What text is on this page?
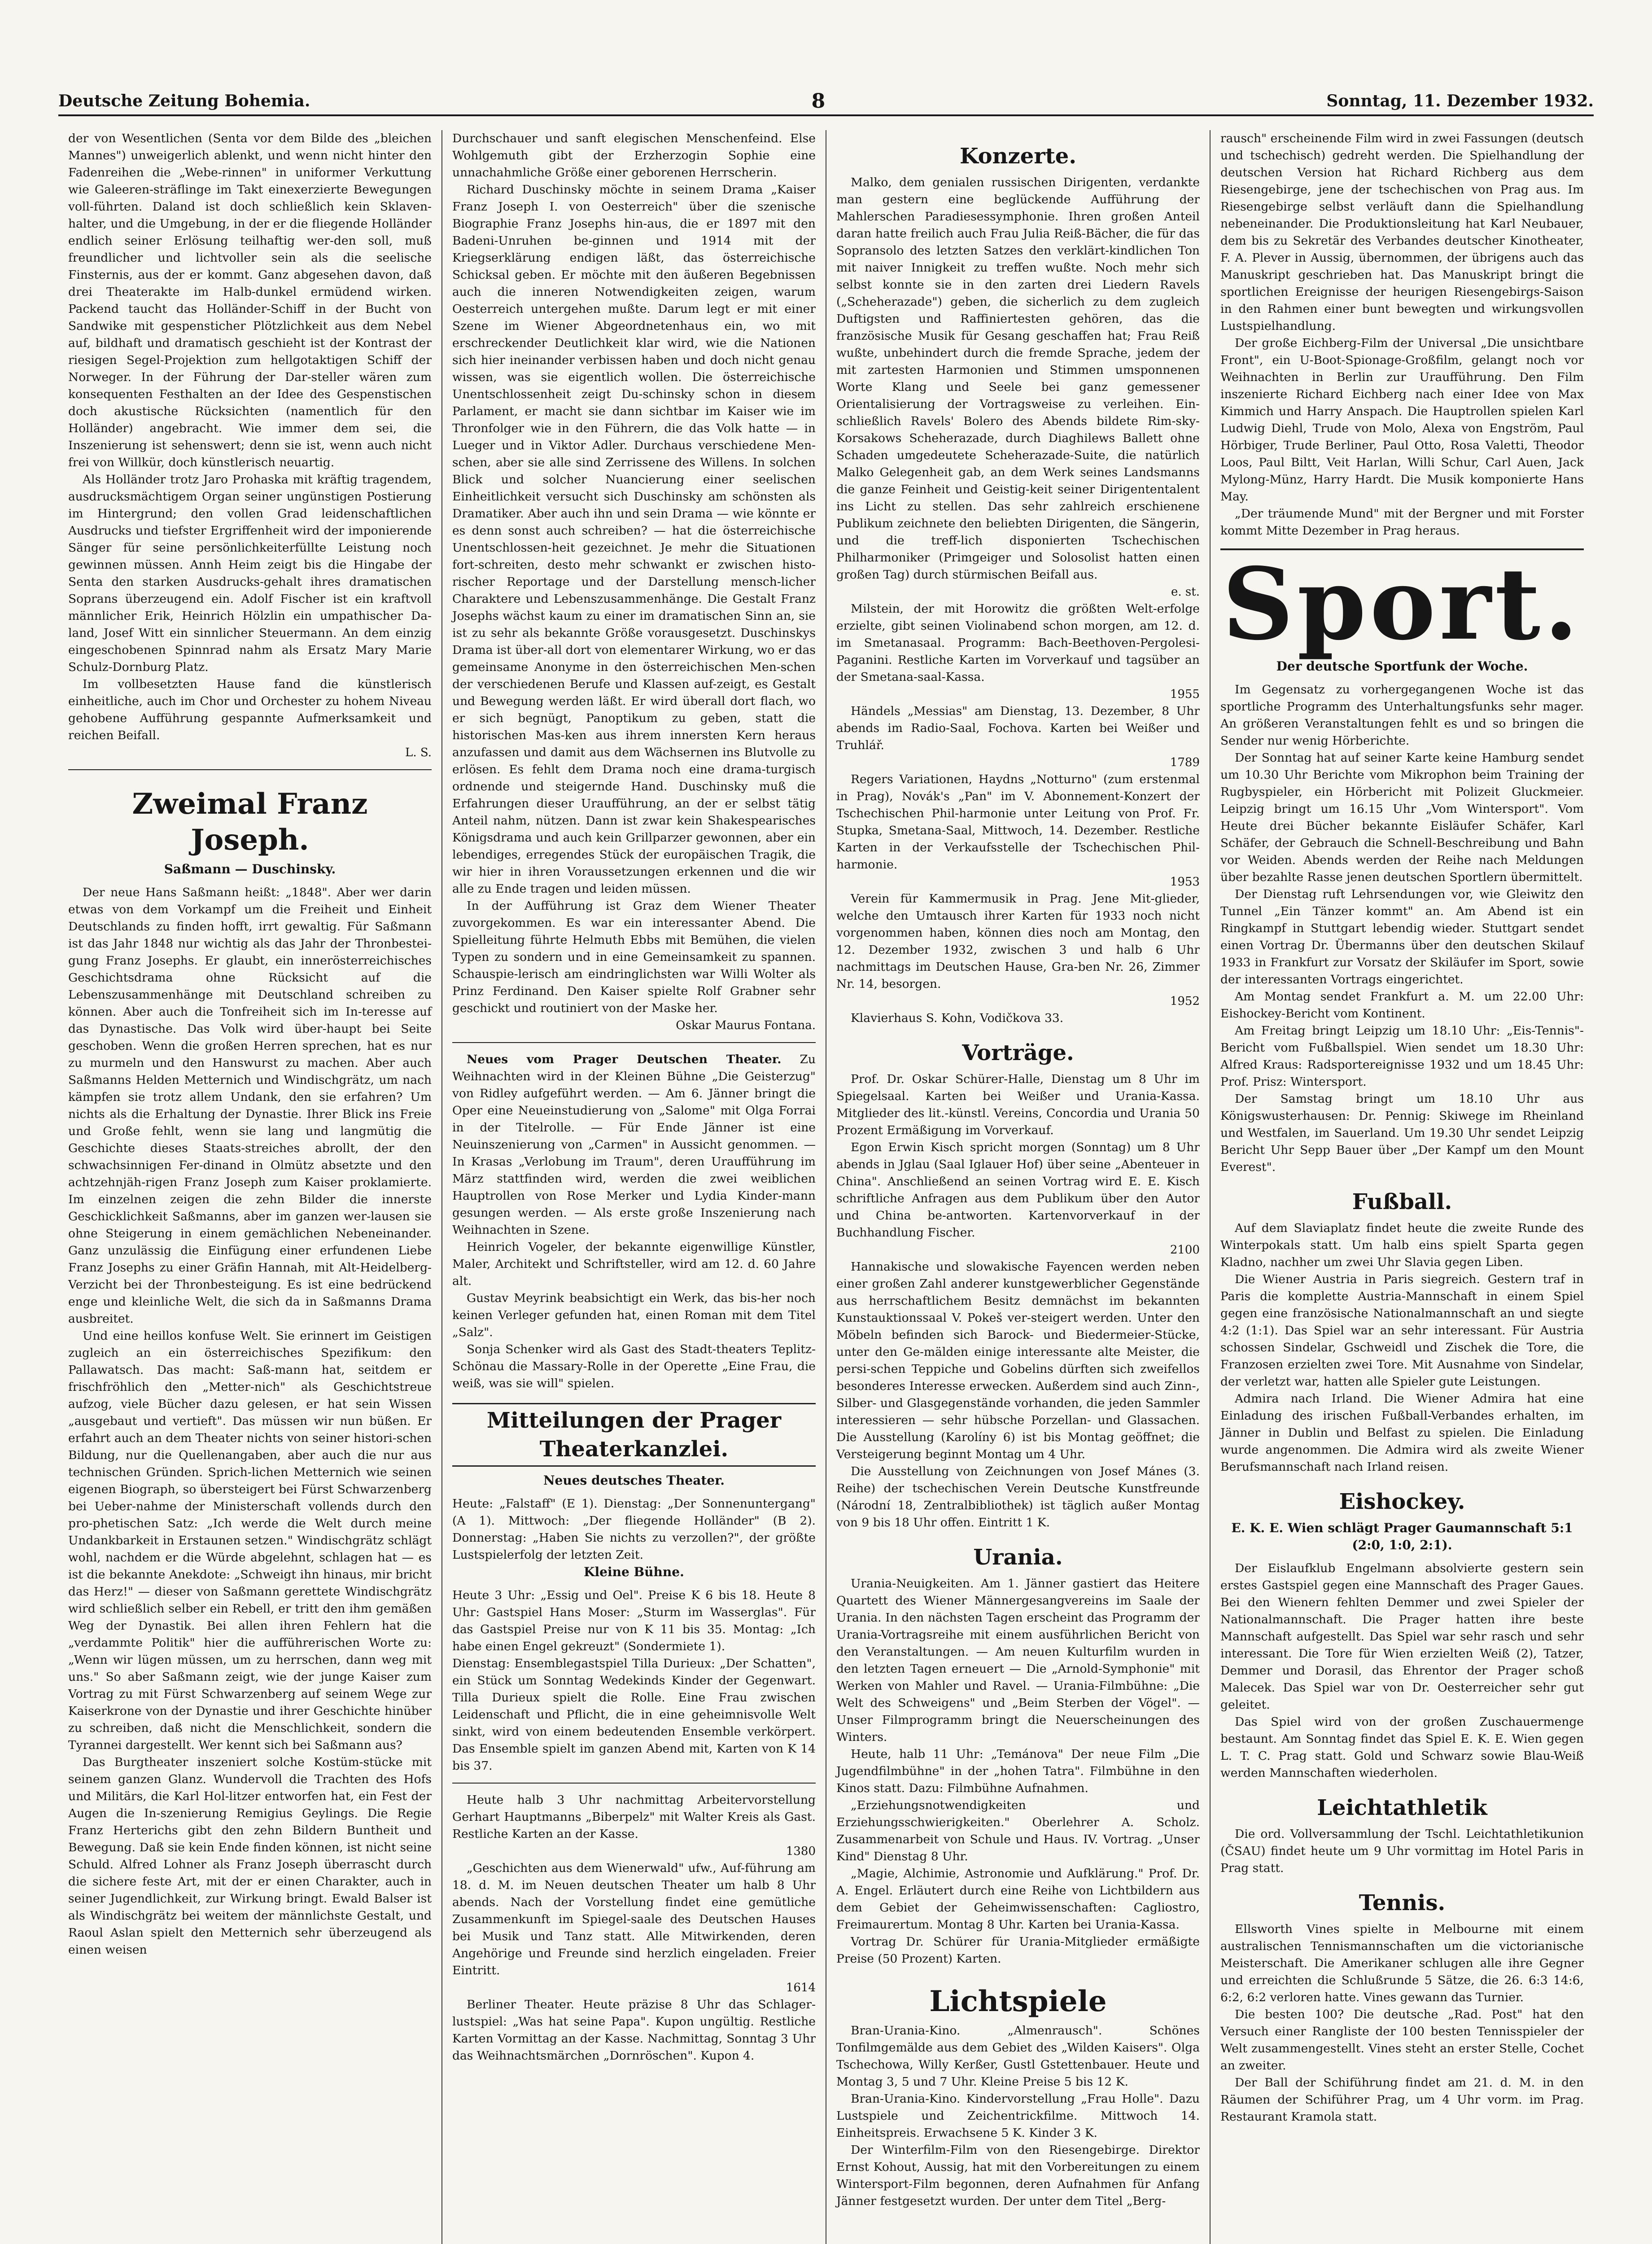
Deutsche Zeitung Bohemia.	8	Sonntag, 11. Dezember 1932.

der von Wesentlichen (Senta vor dem Bilde des „bleichen Mannes") unweigerlich ablenkt, und wenn nicht hinter den Fadenreihen die „Webe-rinnen" in uniformer Verkuttung wie Galeeren-sträflinge im Takt einexerzierte Bewegungen voll-führten. Daland ist doch schließlich kein Sklaven-halter, und die Umgebung, in der er die fliegende Holländer endlich seiner Erlösung teilhaftig wer-den soll, muß freundlicher und lichtvoller sein als die seelische Finsternis, aus der er kommt. Ganz abgesehen davon, daß drei Theaterakte im Halb-dunkel ermüdend wirken. Packend taucht das Holländer-Schiff in der Bucht von Sandwike mit gespensticher Plötzlichkeit aus dem Nebel auf, bildhaft und dramatisch geschieht ist der Kontrast der riesigen Segel-Projektion zum hellgotaktigen Schiff der Norweger. In der Führung der Dar-steller wären zum konsequenten Festhalten an der Idee des Gespenstischen doch akustische Rücksichten (namentlich für den Holländer) angebracht. Wie immer dem sei, die Inszenierung ist sehenswert; denn sie ist, wenn auch nicht frei von Willkür, doch künstlerisch neuartig.

Als Holländer trotz Jaro Prohaska mit kräftig tragendem, ausdrucksmächtigem Organ seiner ungünstigen Postierung im Hintergrund; den vollen Grad leidenschaftlichen Ausdrucks und tiefster Ergriffenheit wird der imponierende Sänger für seine persönlichkeiterfüllte Leistung noch gewinnen müssen. Annh Heim zeigt bis die Hingabe der Senta den starken Ausdrucks-gehalt ihres dramatischen Soprans überzeugend ein. Adolf Fischer ist ein kraftvoll männlicher Erik, Heinrich Hölzlin ein umpathischer Da-land, Josef Witt ein sinnlicher Steuermann. An dem einzig eingeschobenen Spinnrad nahm als Ersatz Mary Marie Schulz-Dornburg Platz.

Im vollbesetzten Hause fand die künstlerisch einheitliche, auch im Chor und Orchester zu hohem Niveau gehobene Aufführung gespannte Aufmerksamkeit und reichen Beifall.

L. S.
Zweimal Franz Joseph.
Saßmann — Duschinsky.

Der neue Hans Saßmann heißt: „1848". Aber wer darin etwas von dem Vorkampf um die Freiheit und Einheit Deutschlands zu finden hofft, irrt gewaltig. Für Saßmann ist das Jahr 1848 nur wichtig als das Jahr der Thronbestei-gung Franz Josephs. Er glaubt, ein innerösterreichisches Geschichtsdrama ohne Rücksicht auf die Lebenszusammenhänge mit Deutschland schreiben zu können. Aber auch die Tonfreiheit sich im In-teresse auf das Dynastische. Das Volk wird über-haupt bei Seite geschoben. Wenn die großen Herren sprechen, hat es nur zu murmeln und den Hanswurst zu machen. Aber auch Saßmanns Helden Metternich und Windischgrätz, um nach kämpfen sie trotz allem Undank, den sie erfahren? Um nichts als die Erhaltung der Dynastie. Ihrer Blick ins Freie und Große fehlt, wenn sie lang und langmütig die Geschichte dieses Staats-streiches abrollt, der den schwachsinnigen Fer-dinand in Olmütz absetzte und den achtzehnjäh-rigen Franz Joseph zum Kaiser proklamierte. Im einzelnen zeigen die zehn Bilder die innerste Geschicklichkeit Saßmanns, aber im ganzen wer-lausen sie ohne Steigerung in einem gemächlichen Nebeneinander. Ganz unzulässig die Einfügung einer erfundenen Liebe Franz Josephs zu einer Gräfin Hannah, mit Alt-Heidelberg-Verzicht bei der Thronbesteigung. Es ist eine bedrückend enge und kleinliche Welt, die sich da in Saßmanns Drama ausbreitet.

Und eine heillos konfuse Welt. Sie erinnert im Geistigen zugleich an ein österreichisches Spezifikum: den Pallawatsch. Das macht: Saß-mann hat, seitdem er frischfröhlich den „Metter-nich" als Geschichtstreue aufzog, viele Bücher dazu gelesen, er hat sein Wissen „ausgebaut und vertieft". Das müssen wir nun büßen. Er erfahrt auch an dem Theater nichts von seiner histori-schen Bildung, nur die Quellenangaben, aber auch die nur aus technischen Gründen. Sprich-lichen Metternich wie seinen eigenen Biograph, so übersteigert bei Fürst Schwarzenberg bei Ueber-nahme der Ministerschaft vollends durch den pro-phetischen Satz: „Ich werde die Welt durch meine Undankbarkeit in Erstaunen setzen." Windischgrätz schlägt wohl, nachdem er die Würde abgelehnt, schlagen hat — es ist die bekannte Anekdote: „Schweigt ihn hinaus, mir bricht das Herz!" — dieser von Saßmann gerettete Windischgrätz wird schließlich selber ein Rebell, er tritt den ihm gemäßen Weg der Dynastik. Bei allen ihren Fehlern hat die „verdammte Politik" hier die aufführerischen Worte zu: „Wenn wir lügen müssen, um zu herrschen, dann weg mit uns." So aber Saßmann zeigt, wie der junge Kaiser zum Vortrag zu mit Fürst Schwarzenberg auf seinem Wege zur Kaiserkrone von der Dynastie und ihrer Geschichte hinüber zu schreiben, daß nicht die Menschlichkeit, sondern die Tyrannei dargestellt. Wer kennt sich bei Saßmann aus?

Das Burgtheater inszeniert solche Kostüm-stücke mit seinem ganzen Glanz. Wundervoll die Trachten des Hofs und Militärs, die Karl Hol-litzer entworfen hat, ein Fest der Augen die In-szenierung Remigius Geylings. Die Regie Franz Herterichs gibt den zehn Bildern Buntheit und Bewegung. Daß sie kein Ende finden können, ist nicht seine Schuld. Alfred Lohner als Franz Joseph überrascht durch die sichere feste Art, mit der er einen Charakter, auch in seiner Jugendlichkeit, zur Wirkung bringt. Ewald Balser ist als Windischgrätz bei weitem der männlichste Gestalt, und Raoul Aslan spielt den Metternich sehr überzeugend als einen weisen

Durchschauer und sanft elegischen Menschenfeind. Else Wohlgemuth gibt der Erzherzogin Sophie eine unnachahmliche Größe einer geborenen Herrscherin.

Richard Duschinsky möchte in seinem Drama „Kaiser Franz Joseph I. von Oesterreich" über die szenische Biographie Franz Josephs hin-aus, die er 1897 mit den Badeni-Unruhen be-ginnen und 1914 mit der Kriegserklärung endigen läßt, das österreichische Schicksal geben. Er möchte mit den äußeren Begebnissen auch die inneren Notwendigkeiten zeigen, warum Oesterreich untergehen mußte. Darum legt er mit einer Szene im Wiener Abgeordnetenhaus ein, wo mit erschreckender Deutlichkeit klar wird, wie die Nationen sich hier ineinander verbissen haben und doch nicht genau wissen, was sie eigentlich wollen. Die österreichische Unentschlossenheit zeigt Du-schinsky schon in diesem Parlament, er macht sie dann sichtbar im Kaiser wie im Thronfolger wie in den Führern, die das Volk hatte — in Lueger und in Viktor Adler. Durchaus verschiedene Men-schen, aber sie alle sind Zerrissene des Willens. In solchen Blick und solcher Nuancierung einer seelischen Einheitlichkeit versucht sich Duschinsky am schönsten als Dramatiker. Aber auch ihn und sein Drama — wie könnte er es denn sonst auch schreiben? — hat die österreichische Unentschlossen-heit gezeichnet. Je mehr die Situationen fort-schreiten, desto mehr schwankt er zwischen histo-rischer Reportage und der Darstellung mensch-licher Charaktere und Lebenszusammenhänge. Die Gestalt Franz Josephs wächst kaum zu einer im dramatischen Sinn an, sie ist zu sehr als bekannte Größe vorausgesetzt. Duschinskys Drama ist über-all dort von elementarer Wirkung, wo er das gemeinsame Anonyme in den österreichischen Men-schen der verschiedenen Berufe und Klassen auf-zeigt, es Gestalt und Bewegung werden läßt. Er wird überall dort flach, wo er sich begnügt, Panoptikum zu geben, statt die historischen Mas-ken aus ihrem innersten Kern heraus anzufassen und damit aus dem Wächsernen ins Blutvolle zu erlösen. Es fehlt dem Drama noch eine drama-turgisch ordnende und steigernde Hand. Duschinsky muß die Erfahrungen dieser Uraufführung, an der er selbst tätig Anteil nahm, nützen. Dann ist zwar kein Shakespearisches Königsdrama und auch kein Grillparzer gewonnen, aber ein lebendiges, erregendes Stück der europäischen Tragik, die wir hier in ihren Voraussetzungen erkennen und die wir alle zu Ende tragen und leiden müssen.

In der Aufführung ist Graz dem Wiener Theater zuvorgekommen. Es war ein interessanter Abend. Die Spielleitung führte Helmuth Ebbs mit Bemühen, die vielen Typen zu sondern und in eine Gemeinsamkeit zu spannen. Schauspie-lerisch am eindringlichsten war Willi Wolter als Prinz Ferdinand. Den Kaiser spielte Rolf Grabner sehr geschickt und routiniert von der Maske her.

Oskar Maurus Fontana.

Neues vom Prager Deutschen Theater. Zu Weihnachten wird in der Kleinen Bühne „Die Geisterzug" von Ridley aufgeführt werden. — Am 6. Jänner bringt die Oper eine Neueinstudierung von „Salome" mit Olga Forrai in der Titelrolle. — Für Ende Jänner ist eine Neuinszenierung von „Carmen" in Aussicht genommen. — In Krasas „Verlobung im Traum", deren Uraufführung im März stattfinden wird, werden die zwei weiblichen Hauptrollen von Rose Merker und Lydia Kinder-mann gesungen werden. — Als erste große Inszenierung nach Weihnachten in Szene.

Heinrich Vogeler, der bekannte eigenwillige Künstler, Maler, Architekt und Schriftsteller, wird am 12. d. 60 Jahre alt.

Gustav Meyrink beabsichtigt ein Werk, das bis-her noch keinen Verleger gefunden hat, einen Roman mit dem Titel „Salz".

Sonja Schenker wird als Gast des Stadt-theaters Teplitz-Schönau die Massary-Rolle in der Operette „Eine Frau, die weiß, was sie will" spielen.

Mitteilungen der Prager Theaterkanzlei.
Neues deutsches Theater.

Heute: „Falstaff" (E 1). Dienstag: „Der Sonnenuntergang" (A 1). Mittwoch: „Der fliegende Holländer" (B 2). Donnerstag: „Haben Sie nichts zu verzollen?", der größte Lustspielerfolg der letzten Zeit.

Kleine Bühne.

Heute 3 Uhr: „Essig und Oel". Preise K 6 bis 18. Heute 8 Uhr: Gastspiel Hans Moser: „Sturm im Wasserglas". Für das Gastspiel Preise nur von K 11 bis 35. Montag: „Ich habe einen Engel gekreuzt" (Sondermiete 1).

Dienstag: Ensemblegastspiel Tilla Durieux: „Der Schatten", ein Stück um Sonntag Wedekinds Kinder der Gegenwart. Tilla Durieux spielt die Rolle. Eine Frau zwischen Leidenschaft und Pflicht, die in eine geheimnisvolle Welt sinkt, wird von einem bedeutenden Ensemble verkörpert. Das Ensemble spielt im ganzen Abend mit, Karten von K 14 bis 37.

Heute halb 3 Uhr nachmittag Arbeitervorstellung Gerhart Hauptmanns „Biberpelz" mit Walter Kreis als Gast. Restliche Karten an der Kasse.

1380

„Geschichten aus dem Wienerwald" ufw., Auf-führung am 18. d. M. im Neuen deutschen Theater um halb 8 Uhr abends. Nach der Vorstellung findet eine gemütliche Zusammenkunft im Spiegel-saale des Deutschen Hauses bei Musik und Tanz statt. Alle Mitwirkenden, deren Angehörige und Freunde sind herzlich eingeladen. Freier Eintritt.

1614

Berliner Theater. Heute präzise 8 Uhr das Schlager-lustspiel: „Was hat seine Papa". Kupon ungültig. Restliche Karten Vormittag an der Kasse. Nachmittag, Sonntag 3 Uhr das Weihnachtsmärchen „Dornröschen". Kupon 4.

Konzerte.

Malko, dem genialen russischen Dirigenten, verdankte man gestern eine beglückende Aufführung der Mahlerschen Paradiesessymphonie. Ihren großen Anteil daran hatte freilich auch Frau Julia Reiß-Bächer, die für das Sopransolo des letzten Satzes den verklärt-kindlichen Ton mit naiver Innigkeit zu treffen wußte. Noch mehr sich selbst konnte sie in den zarten drei Liedern Ravels („Scheherazade") geben, die sicherlich zu dem zugleich Duftigsten und Raffiniertesten gehören, das die französische Musik für Gesang geschaffen hat; Frau Reiß wußte, unbehindert durch die fremde Sprache, jedem der mit zartesten Harmonien und Stimmen umsponnenen Worte Klang und Seele bei ganz gemessener Orientalisierung der Vortragsweise zu verleihen. Ein-schließlich Ravels' Bolero des Abends bildete Rim-sky-Korsakows Scheherazade, durch Diaghilews Ballett ohne Schaden umgedeutete Scheherazade-Suite, die natürlich Malko Gelegenheit gab, an dem Werk seines Landsmanns die ganze Feinheit und Geistig-keit seiner Dirigententalent ins Licht zu stellen. Das sehr zahlreich erschienene Publikum zeichnete den beliebten Dirigenten, die Sängerin, und die treff-lich disponierten Tschechischen Philharmoniker (Primgeiger und Solosolist hatten einen großen Tag) durch stürmischen Beifall aus.

e. st.

Milstein, der mit Horowitz die größten Welt-erfolge erzielte, gibt seinen Violinabend schon morgen, am 12. d. im Smetanasaal. Programm: Bach-Beethoven-Pergolesi-Paganini. Restliche Karten im Vorverkauf und tagsüber an der Smetana-saal-Kassa.

1955

Händels „Messias" am Dienstag, 13. Dezember, 8 Uhr abends im Radio-Saal, Fochova. Karten bei Weißer und Truhlář.

1789

Regers Variationen, Haydns „Notturno" (zum erstenmal in Prag), Novák's „Pan" im V. Abonnement-Konzert der Tschechischen Phil-harmonie unter Leitung von Prof. Fr. Stupka, Smetana-Saal, Mittwoch, 14. Dezember. Restliche Karten in der Verkaufsstelle der Tschechischen Phil-harmonie.

1953

Verein für Kammermusik in Prag. Jene Mit-glieder, welche den Umtausch ihrer Karten für 1933 noch nicht vorgenommen haben, können dies noch am Montag, den 12. Dezember 1932, zwischen 3 und halb 6 Uhr nachmittags im Deutschen Hause, Gra-ben Nr. 26, Zimmer Nr. 14, besorgen.

1952

Klavierhaus S. Kohn, Vodičkova 33.

Vorträge.

Prof. Dr. Oskar Schürer-Halle, Dienstag um 8 Uhr im Spiegelsaal. Karten bei Weißer und Urania-Kassa. Mitglieder des lit.-künstl. Vereins, Concordia und Urania 50 Prozent Ermäßigung im Vorverkauf.

Egon Erwin Kisch spricht morgen (Sonntag) um 8 Uhr abends in Jglau (Saal Iglauer Hof) über seine „Abenteuer in China". Anschließend an seinen Vortrag wird E. E. Kisch schriftliche Anfragen aus dem Publikum über den Autor und China be-antworten. Kartenvorverkauf in der Buchhandlung Fischer.

2100

Hannakische und slowakische Fayencen werden neben einer großen Zahl anderer kunstgewerblicher Gegenstände aus herrschaftlichem Besitz demnächst im bekannten Kunstauktionssaal V. Pokeš ver-steigert werden. Unter den Möbeln befinden sich Barock- und Biedermeier-Stücke, unter den Ge-mälden einige interessante alte Meister, die persi-schen Teppiche und Gobelins dürften sich zweifellos besonderes Interesse erwecken. Außerdem sind auch Zinn-, Silber- und Glasgegenstände vorhanden, die jeden Sammler interessieren — sehr hübsche Porzellan- und Glassachen. Die Ausstellung (Karolíny 6) ist bis Montag geöffnet; die Versteigerung beginnt Montag um 4 Uhr.

Die Ausstellung von Zeichnungen von Josef Mánes (3. Reihe) der tschechischen Verein Deutsche Kunstfreunde (Národní 18, Zentralbibliothek) ist täglich außer Montag von 9 bis 18 Uhr offen. Eintritt 1 K.

Urania.

Urania-Neuigkeiten. Am 1. Jänner gastiert das Heitere Quartett des Wiener Männergesangvereins im Saale der Urania. In den nächsten Tagen erscheint das Programm der Urania-Vortragsreihe mit einem ausführlichen Bericht von den Veranstaltungen. — Am neuen Kulturfilm wurden in den letzten Tagen erneuert — Die „Arnold-Symphonie" mit Werken von Mahler und Ravel. — Urania-Filmbühne: „Die Welt des Schweigens" und „Beim Sterben der Vögel". — Unser Filmprogramm bringt die Neuerscheinungen des Winters.

Heute, halb 11 Uhr: „Temánova" Der neue Film „Die Jugendfilmbühne" in der „hohen Tatra". Filmbühne in den Kinos statt. Dazu: Filmbühne Aufnahmen.

„Erziehungsnotwendigkeiten und Erziehungsschwierigkeiten." Oberlehrer A. Scholz. Zusammenarbeit von Schule und Haus. IV. Vortrag. „Unser Kind" Dienstag 8 Uhr.

„Magie, Alchimie, Astronomie und Aufklärung." Prof. Dr. A. Engel. Erläutert durch eine Reihe von Lichtbildern aus dem Gebiet der Geheimwissenschaften: Cagliostro, Freimaurertum. Montag 8 Uhr. Karten bei Urania-Kassa.

Vortrag Dr. Schürer für Urania-Mitglieder ermäßigte Preise (50 Prozent) Karten.

Lichtspiele

Bran-Urania-Kino. „Almenrausch". Schönes Tonfilmgemälde aus dem Gebiet des „Wilden Kaisers". Olga Tschechowa, Willy Kerßer, Gustl Gstettenbauer. Heute und Montag 3, 5 und 7 Uhr. Kleine Preise 5 bis 12 K.

Bran-Urania-Kino. Kindervorstellung „Frau Holle". Dazu Lustspiele und Zeichentrickfilme. Mittwoch 14. Einheitspreis. Erwachsene 5 K. Kinder 3 K.

Der Winterfilm-Film von den Riesengebirge. Direktor Ernst Kohout, Aussig, hat mit den Vorbereitungen zu einem Wintersport-Film begonnen, deren Aufnahmen für Anfang Jänner festgesetzt wurden. Der unter dem Titel „Berg-

rausch" erscheinende Film wird in zwei Fassungen (deutsch und tschechisch) gedreht werden. Die Spielhandlung der deutschen Version hat Richard Richberg aus dem Riesengebirge, jene der tschechischen von Prag aus. Im Riesengebirge selbst verläuft dann die Spielhandlung nebeneinander. Die Produktionsleitung hat Karl Neubauer, dem bis zu Sekretär des Verbandes deutscher Kinotheater, F. A. Plever in Aussig, übernommen, der übrigens auch das Manuskript geschrieben hat. Das Manuskript bringt die sportlichen Ereignisse der heurigen Riesengebirgs-Saison in den Rahmen einer bunt bewegten und wirkungsvollen Lustspielhandlung.

Der große Eichberg-Film der Universal „Die unsichtbare Front", ein U-Boot-Spionage-Großfilm, gelangt noch vor Weihnachten in Berlin zur Uraufführung. Den Film inszenierte Richard Eichberg nach einer Idee von Max Kimmich und Harry Anspach. Die Hauptrollen spielen Karl Ludwig Diehl, Trude von Molo, Alexa von Engström, Paul Hörbiger, Trude Berliner, Paul Otto, Rosa Valetti, Theodor Loos, Paul Biltt, Veit Harlan, Willi Schur, Carl Auen, Jack Mylong-Münz, Harry Hardt. Die Musik komponierte Hans May.

„Der träumende Mund" mit der Bergner und mit Forster kommt Mitte Dezember in Prag heraus.

Sport.
Der deutsche Sportfunk der Woche.

Im Gegensatz zu vorhergegangenen Woche ist das sportliche Programm des Unterhaltungsfunks sehr mager. An größeren Veranstaltungen fehlt es und so bringen die Sender nur wenig Hörberichte.

Der Sonntag hat auf seiner Karte keine Hamburg sendet um 10.30 Uhr Berichte vom Mikrophon beim Training der Rugbyspieler, ein Hörbericht mit Polizeit Gluckmeier. Leipzig bringt um 16.15 Uhr „Vom Wintersport". Vom Heute drei Bücher bekannte Eisläufer Schäfer, Karl Schäfer, der Gebrauch die Schnell-Beschreibung und Bahn vor Weiden. Abends werden der Reihe nach Meldungen über bezahlte Rasse jenen deutschen Sportlern übermittelt.

Der Dienstag ruft Lehrsendungen vor, wie Gleiwitz den Tunnel „Ein Tänzer kommt" an. Am Abend ist ein Ringkampf in Stuttgart lebendig wieder. Stuttgart sendet einen Vortrag Dr. Übermanns über den deutschen Skilauf 1933 in Frankfurt zur Vorsatz der Skiläufer im Sport, sowie der interessanten Vortrags eingerichtet.

Am Montag sendet Frankfurt a. M. um 22.00 Uhr: Eishockey-Bericht vom Kontinent.

Am Freitag bringt Leipzig um 18.10 Uhr: „Eis-Tennis"-Bericht vom Fußballspiel. Wien sendet um 18.30 Uhr: Alfred Kraus: Radsportereignisse 1932 und um 18.45 Uhr: Prof. Prisz: Wintersport.

Der Samstag bringt um 18.10 Uhr aus Königswusterhausen: Dr. Pennig: Skiwege im Rheinland und Westfalen, im Sauerland. Um 19.30 Uhr sendet Leipzig Bericht Uhr Sepp Bauer über „Der Kampf um den Mount Everest".

Fußball.

Auf dem Slaviaplatz findet heute die zweite Runde des Winterpokals statt. Um halb eins spielt Sparta gegen Kladno, nachher um zwei Uhr Slavia gegen Liben.

Die Wiener Austria in Paris siegreich. Gestern traf in Paris die komplette Austria-Mannschaft in einem Spiel gegen eine französische Nationalmannschaft an und siegte 4:2 (1:1). Das Spiel war an sehr interessant. Für Austria schossen Sindelar, Gschweidl und Zischek die Tore, die Franzosen erzielten zwei Tore. Mit Ausnahme von Sindelar, der verletzt war, hatten alle Spieler gute Leistungen.

Admira nach Irland. Die Wiener Admira hat eine Einladung des irischen Fußball-Verbandes erhalten, im Jänner in Dublin und Belfast zu spielen. Die Einladung wurde angenommen. Die Admira wird als zweite Wiener Berufsmannschaft nach Irland reisen.

Eishockey.
E. K. E. Wien schlägt Prager Gaumannschaft 5:1 (2:0, 1:0, 2:1).

Der Eislaufklub Engelmann absolvierte gestern sein erstes Gastspiel gegen eine Mannschaft des Prager Gaues. Bei den Wienern fehlten Demmer und zwei Spieler der Nationalmannschaft. Die Prager hatten ihre beste Mannschaft aufgestellt. Das Spiel war sehr rasch und sehr interessant. Die Tore für Wien erzielten Weiß (2), Tatzer, Demmer und Dorasil, das Ehrentor der Prager schoß Malecek. Das Spiel war von Dr. Oesterreicher sehr gut geleitet.

Das Spiel wird von der großen Zuschauermenge bestaunt. Am Sonntag findet das Spiel E. K. E. Wien gegen L. T. C. Prag statt. Gold und Schwarz sowie Blau-Weiß werden Mannschaften wiederholen.

Leichtathletik

Die ord. Vollversammlung der Tschl. Leichtathletikunion (ČSAU) findet heute um 9 Uhr vormittag im Hotel Paris in Prag statt.

Tennis.

Ellsworth Vines spielte in Melbourne mit einem australischen Tennismannschaften um die victorianische Meisterschaft. Die Amerikaner schlugen alle ihre Gegner und erreichten die Schlußrunde 5 Sätze, die 26. 6:3 14:6, 6:2, 6:2 verloren hatte. Vines gewann das Turnier.

Die besten 100? Die deutsche „Rad. Post" hat den Versuch einer Rangliste der 100 besten Tennisspieler der Welt zusammengestellt. Vines steht an erster Stelle, Cochet an zweiter.

Der Ball der Schiführung findet am 21. d. M. in den Räumen der Schiführer Prag, um 4 Uhr vorm. im Prag. Restaurant Kramola statt.
